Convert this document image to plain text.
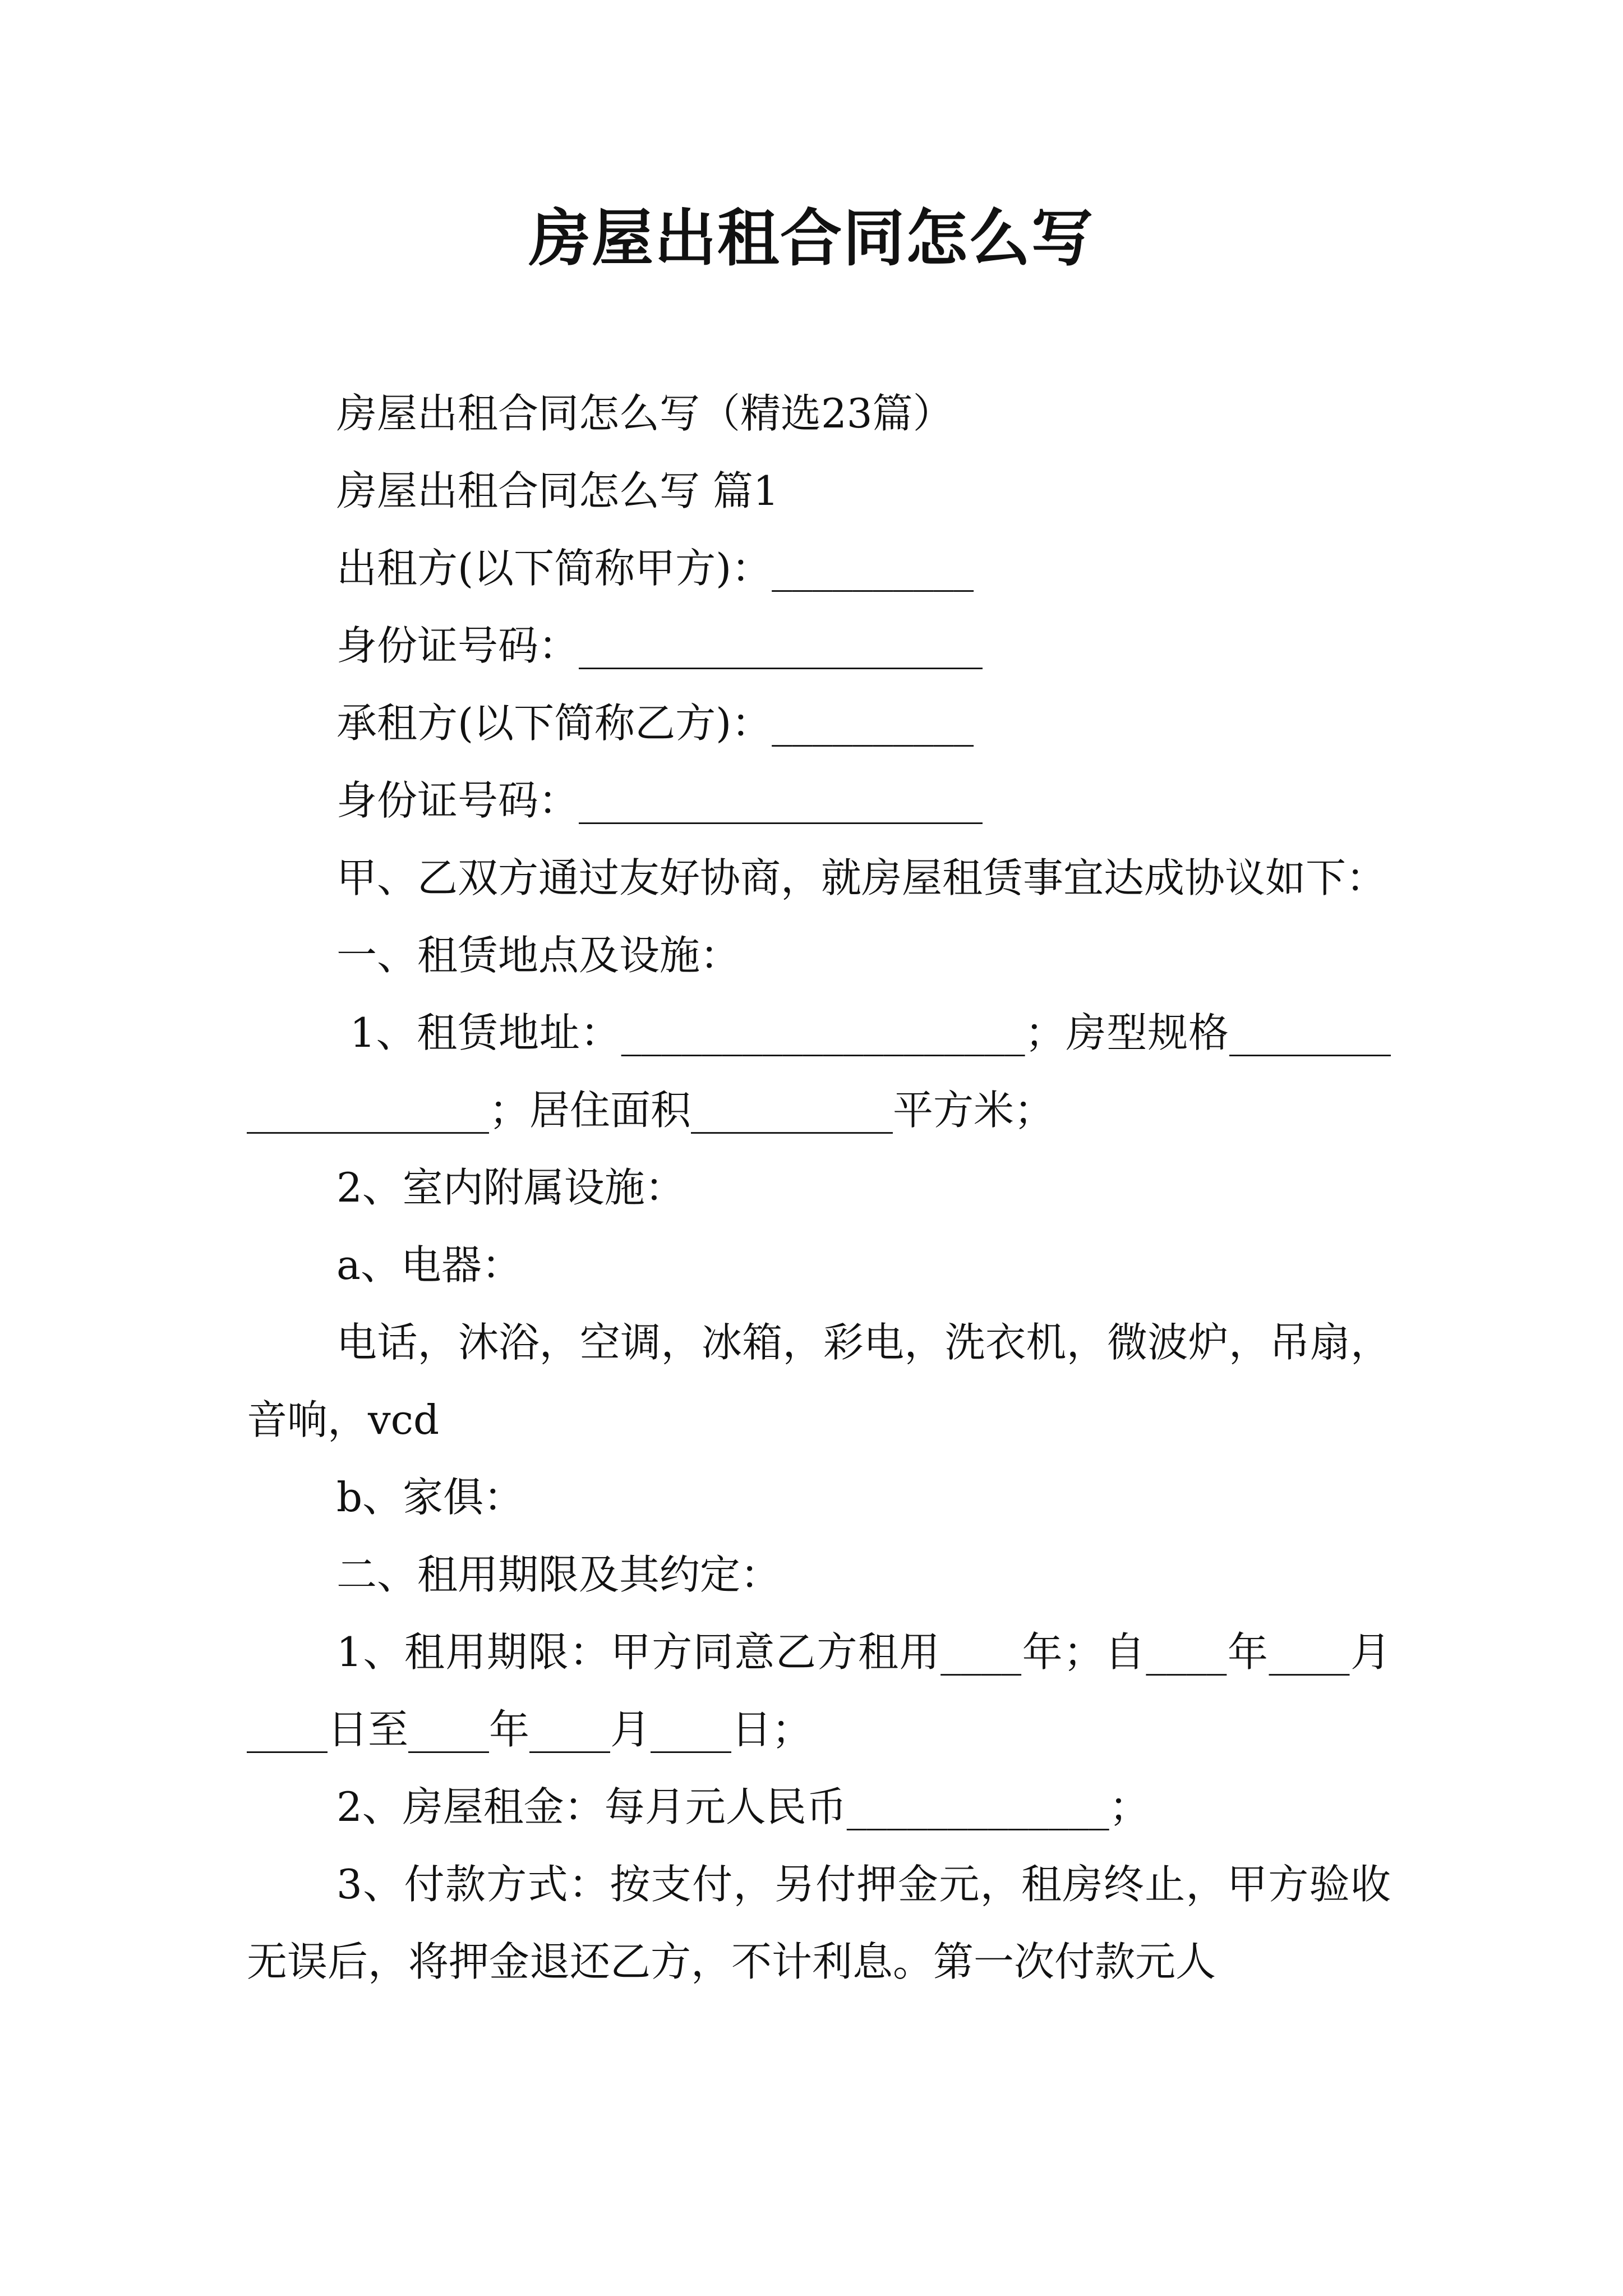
房屋出租合同怎么写

房屋出租合同怎么写（精选23篇）

房屋出租合同怎么写 篇1

出租方(以下简称甲方)：__________

身份证号码：____________________

承租方(以下简称乙方)：__________

身份证号码：____________________

甲、乙双方通过友好协商，就房屋租赁事宜达成协议如下：

一、租赁地点及设施：

1、租赁地址：____________________；房型规格____________________；居住面积__________平方米；

2、室内附属设施：

a、电器：

电话，沐浴，空调，冰箱，彩电，洗衣机，微波炉，吊扇，音响，vcd

b、家俱：

二、租用期限及其约定：

1、租用期限：甲方同意乙方租用____年；自____年____月____日至____年____月____日；

2、房屋租金：每月元人民币_____________；

3、付款方式：按支付，另付押金元，租房终止，甲方验收无误后，将押金退还乙方，不计利息。第一次付款元人
